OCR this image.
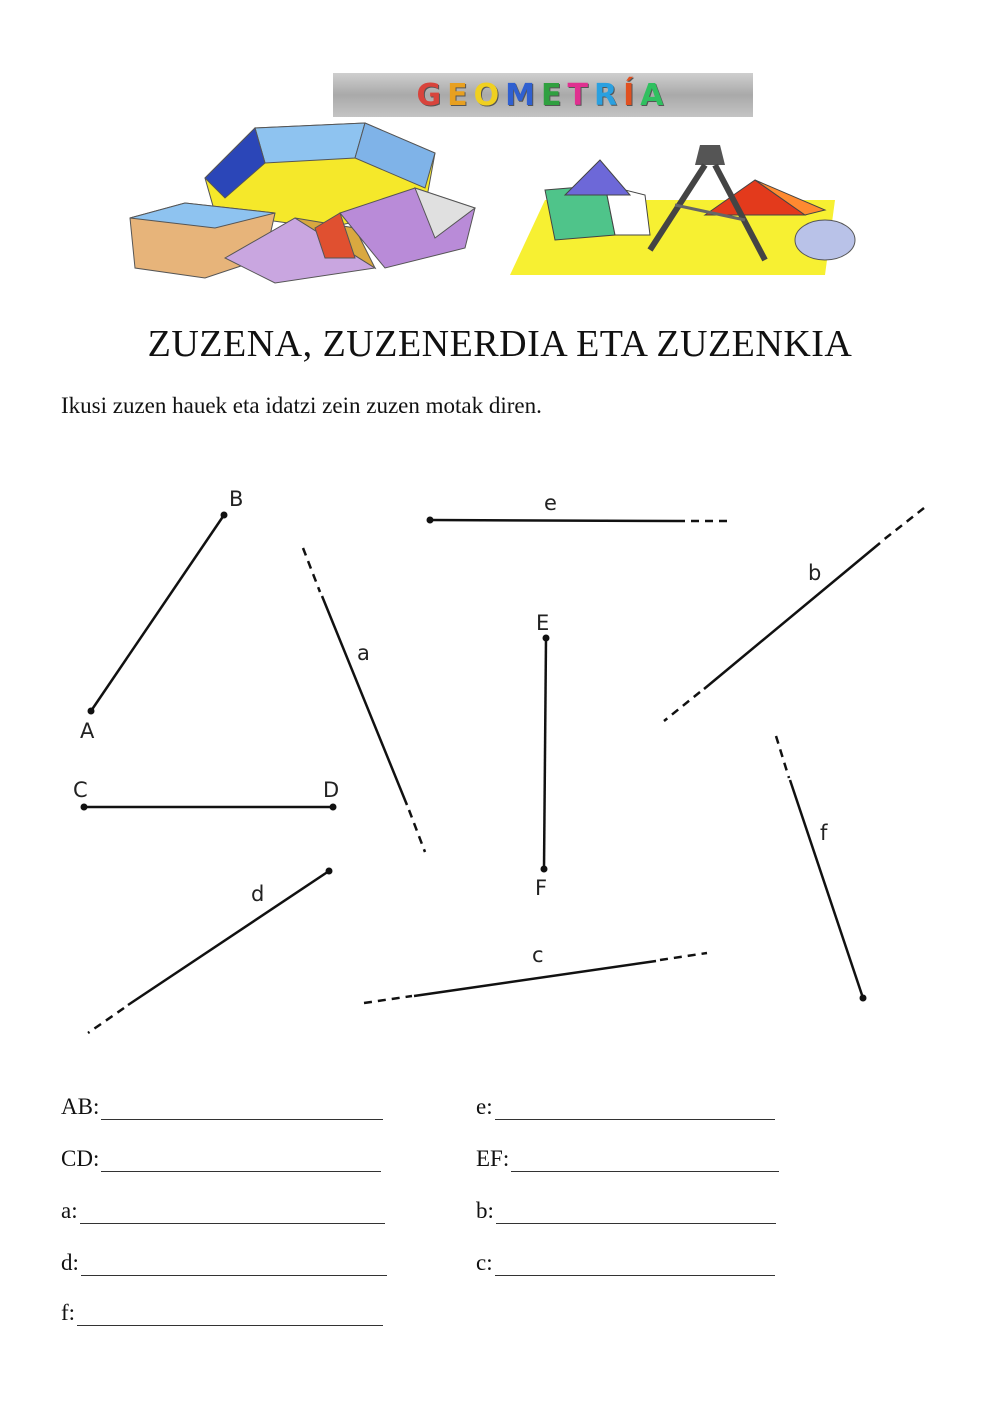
G E O M E T R Í A
ZUZENA, ZUZENERDIA ETA ZUZENKIA
Ikusi zuzen hauek eta idatzi zein zuzen motak diren.
B
A
C	D
E
F
e
a
b
d
c
f
AB:	e:
CD:	EF:
a:	b:
d:	c:
f:
